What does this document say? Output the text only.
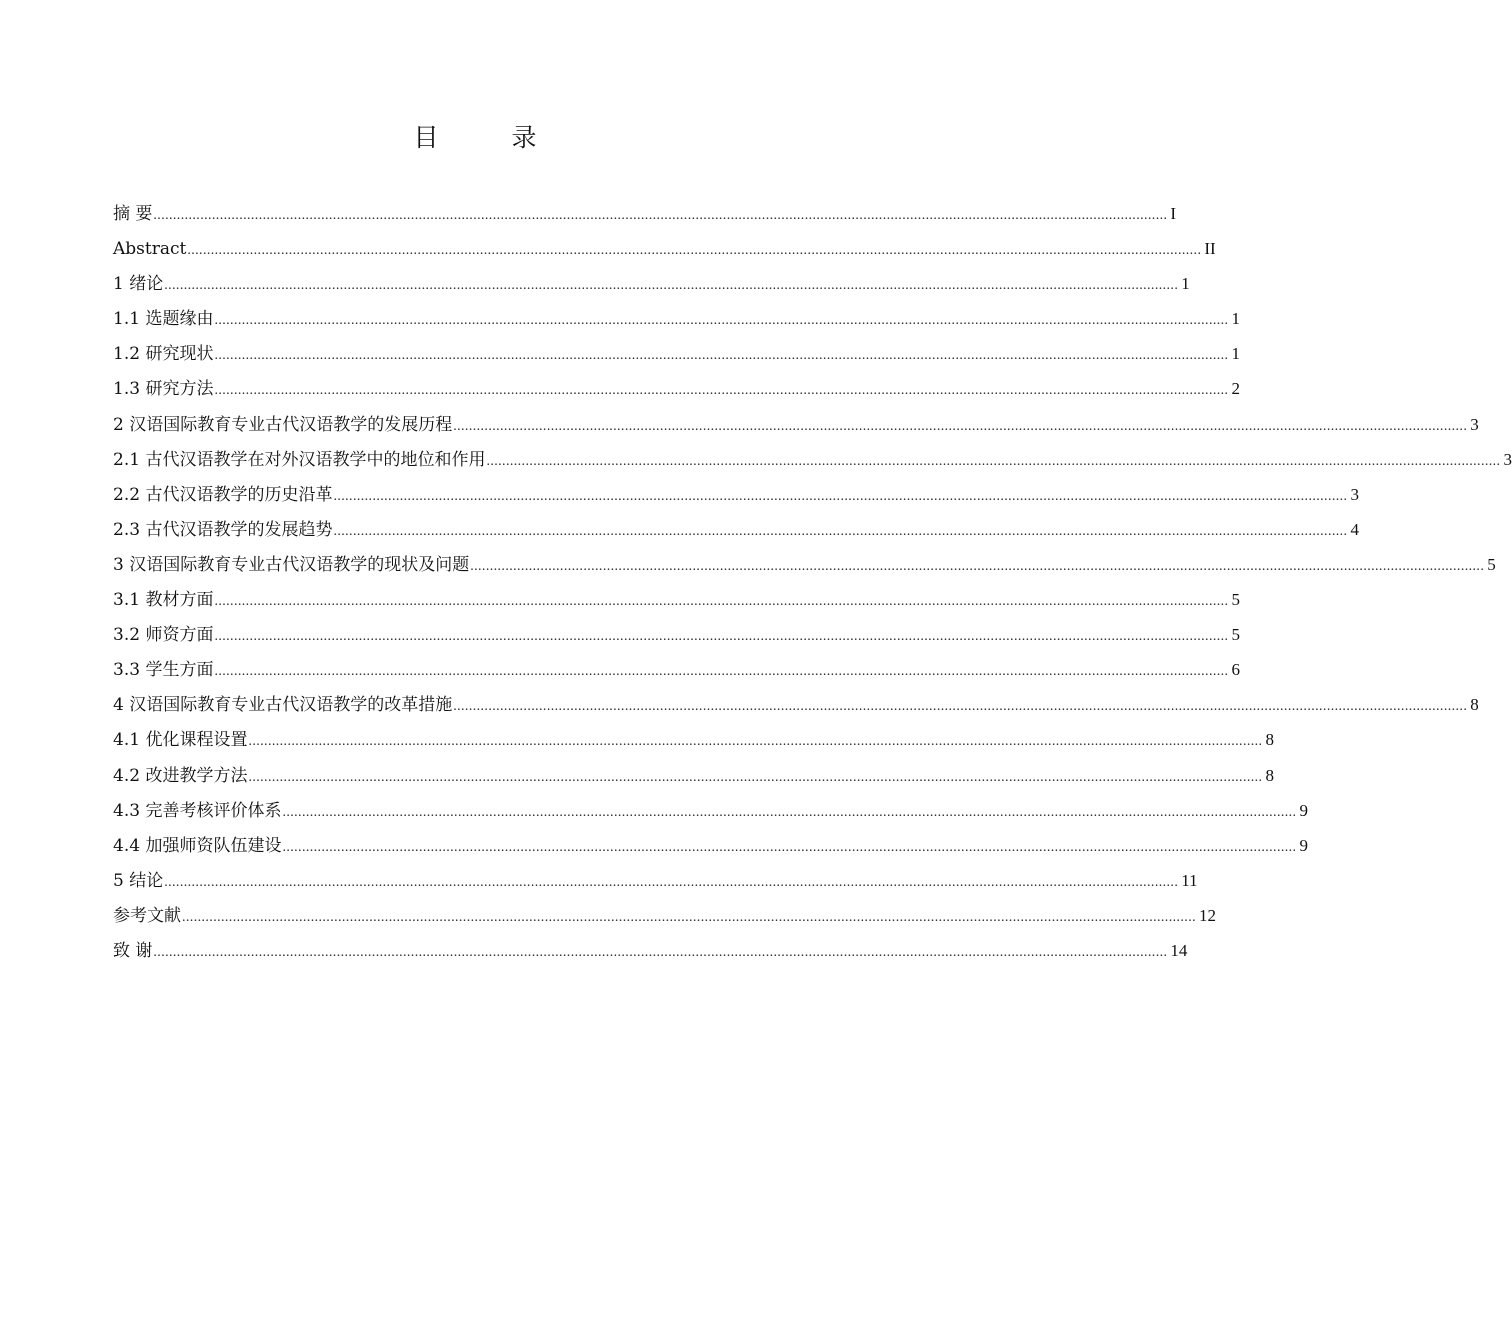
目　录
摘 要 .................................................................................................................................................................................................................................................................... I
Abstract .................................................................................................................................................................................................................................................................... II
1 绪论 .................................................................................................................................................................................................................................................................... 1
1.1 选题缘由 .................................................................................................................................................................................................................................................................... 1
1.2 研究现状 .................................................................................................................................................................................................................................................................... 1
1.3 研究方法 .................................................................................................................................................................................................................................................................... 2
2 汉语国际教育专业古代汉语教学的发展历程 .................................................................................................................................................................................................................................................................... 3
2.1 古代汉语教学在对外汉语教学中的地位和作用 .................................................................................................................................................................................................................................................................... 3
2.2 古代汉语教学的历史沿革 .................................................................................................................................................................................................................................................................... 3
2.3 古代汉语教学的发展趋势 .................................................................................................................................................................................................................................................................... 4
3 汉语国际教育专业古代汉语教学的现状及问题 .................................................................................................................................................................................................................................................................... 5
3.1 教材方面 .................................................................................................................................................................................................................................................................... 5
3.2 师资方面 .................................................................................................................................................................................................................................................................... 5
3.3 学生方面 .................................................................................................................................................................................................................................................................... 6
4 汉语国际教育专业古代汉语教学的改革措施 .................................................................................................................................................................................................................................................................... 8
4.1 优化课程设置 .................................................................................................................................................................................................................................................................... 8
4.2 改进教学方法 .................................................................................................................................................................................................................................................................... 8
4.3 完善考核评价体系 .................................................................................................................................................................................................................................................................... 9
4.4 加强师资队伍建设 .................................................................................................................................................................................................................................................................... 9
5 结论 .................................................................................................................................................................................................................................................................... 11
参考文献 .................................................................................................................................................................................................................................................................... 12
致 谢 .................................................................................................................................................................................................................................................................... 14
